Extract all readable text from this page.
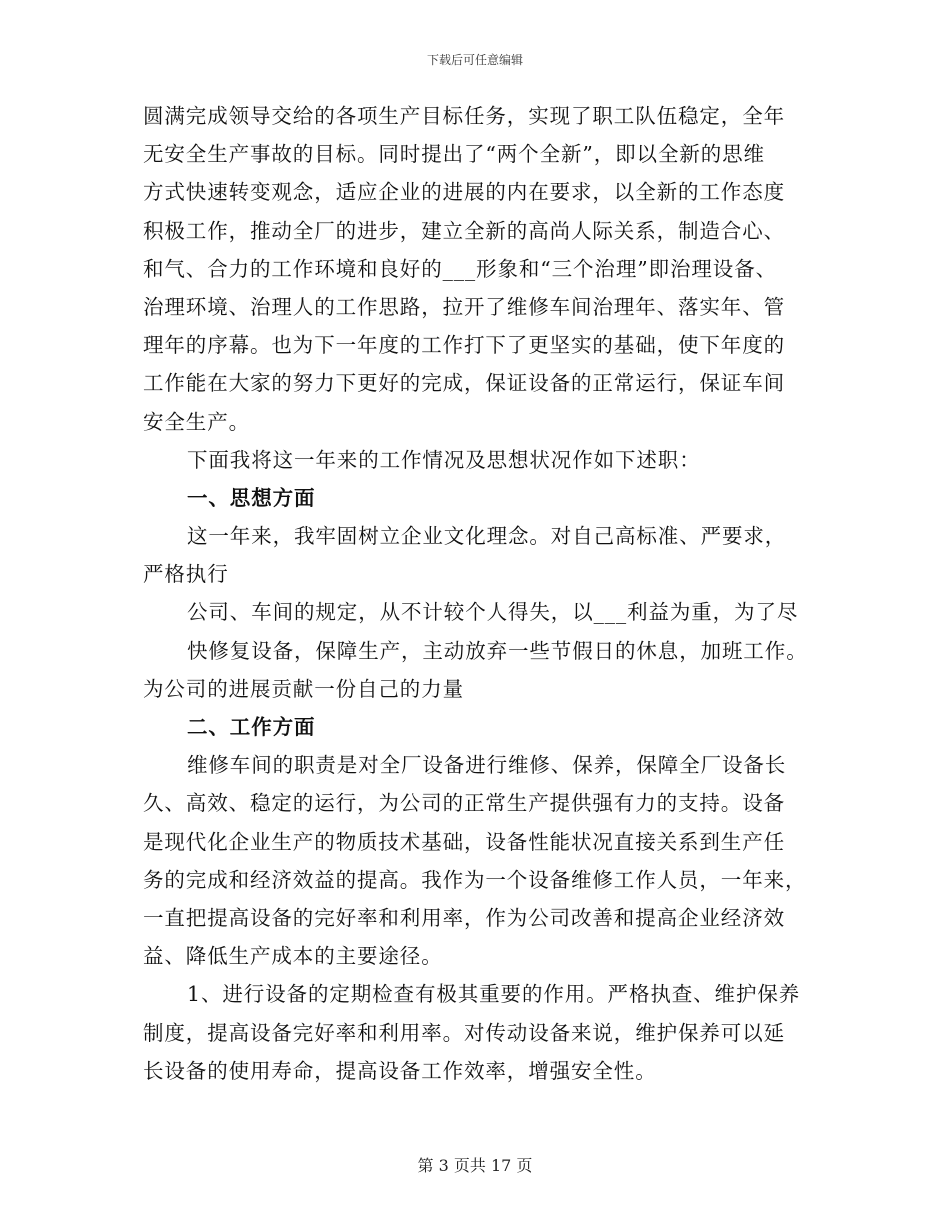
下载后可任意编辑
圆满完成领导交给的各项生产目标任务，实现了职工队伍稳定，全年
无安全生产事故的目标。同时提出了“两个全新”，即以全新的思维
方式快速转变观念，适应企业的进展的内在要求，以全新的工作态度
积极工作，推动全厂的进步，建立全新的高尚人际关系，制造合心、
和气、合力的工作环境和良好的___形象和“三个治理”即治理设备、
治理环境、治理人的工作思路，拉开了维修车间治理年、落实年、管
理年的序幕。也为下一年度的工作打下了更坚实的基础，使下年度的
工作能在大家的努力下更好的完成，保证设备的正常运行，保证车间
安全生产。
下面我将这一年来的工作情况及思想状况作如下述职：
一、思想方面
这一年来，我牢固树立企业文化理念。对自己高标准、严要求，
严格执行
公司、车间的规定，从不计较个人得失，以___利益为重，为了尽
快修复设备，保障生产，主动放弃一些节假日的休息，加班工作。
为公司的进展贡献一份自己的力量
二、工作方面
维修车间的职责是对全厂设备进行维修、保养，保障全厂设备长
久、高效、稳定的运行，为公司的正常生产提供强有力的支持。设备
是现代化企业生产的物质技术基础，设备性能状况直接关系到生产任
务的完成和经济效益的提高。我作为一个设备维修工作人员，一年来，
一直把提高设备的完好率和利用率，作为公司改善和提高企业经济效
益、降低生产成本的主要途径。
1、进行设备的定期检查有极其重要的作用。严格执查、维护保养
制度，提高设备完好率和利用率。对传动设备来说，维护保养可以延
长设备的使用寿命，提高设备工作效率，增强安全性。
第 3 页共 17 页
